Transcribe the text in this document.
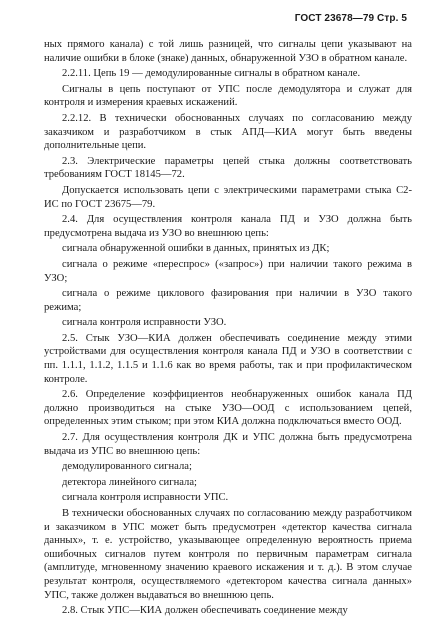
ГОСТ 23678—79 Стр. 5

ных прямого канала) с той лишь разницей, что сигналы цепи указывают на наличие ошибки в блоке (знаке) данных, обнаруженной УЗО в обратном канале.

2.2.11. Цепь 19 — демодулированные сигналы в обратном канале.

Сигналы в цепь поступают от УПС после демодулятора и служат для контроля и измерения краевых искажений.

2.2.12. В технически обоснованных случаях по согласованию между заказчиком и разработчиком в стык АПД—КИА могут быть введены дополнительные цепи.

2.3. Электрические параметры цепей стыка должны соответствовать требованиям ГОСТ 18145—72.

Допускается использовать цепи с электрическими параметрами стыка С2-ИС по ГОСТ 23675—79.

2.4. Для осуществления контроля канала ПД и УЗО должна быть предусмотрена выдача из УЗО во внешнюю цепь:

сигнала обнаруженной ошибки в данных, принятых из ДК;

сигнала о режиме «переспрос» («запрос») при наличии такого режима в УЗО;

сигнала о режиме циклового фазирования при наличии в УЗО такого режима;

сигнала контроля исправности УЗО.

2.5. Стык УЗО—КИА должен обеспечивать соединение между этими устройствами для осуществления контроля канала ПД и УЗО в соответствии с пп. 1.1.1, 1.1.2, 1.1.5 и 1.1.6 как во время работы, так и при профилактическом контроле.

2.6. Определение коэффициентов необнаруженных ошибок канала ПД должно производиться на стыке УЗО—ООД с использованием цепей, определенных этим стыком; при этом КИА должна подключаться вместо ООД.

2.7. Для осуществления контроля ДК и УПС должна быть предусмотрена выдача из УПС во внешнюю цепь:

демодулированного сигнала;

детектора линейного сигнала;

сигнала контроля исправности УПС.

В технически обоснованных случаях по согласованию между разработчиком и заказчиком в УПС может быть предусмотрен «детектор качества сигнала данных», т. е. устройство, указывающее определенную вероятность приема ошибочных сигналов путем контроля по первичным параметрам сигнала (амплитуде, мгновенному значению краевого искажения и т. д.). В этом случае результат контроля, осуществляемого «детектором качества сигнала данных» УПС, также должен выдаваться во внешнюю цепь.

2.8. Стык УПС—КИА должен обеспечивать соединение между
